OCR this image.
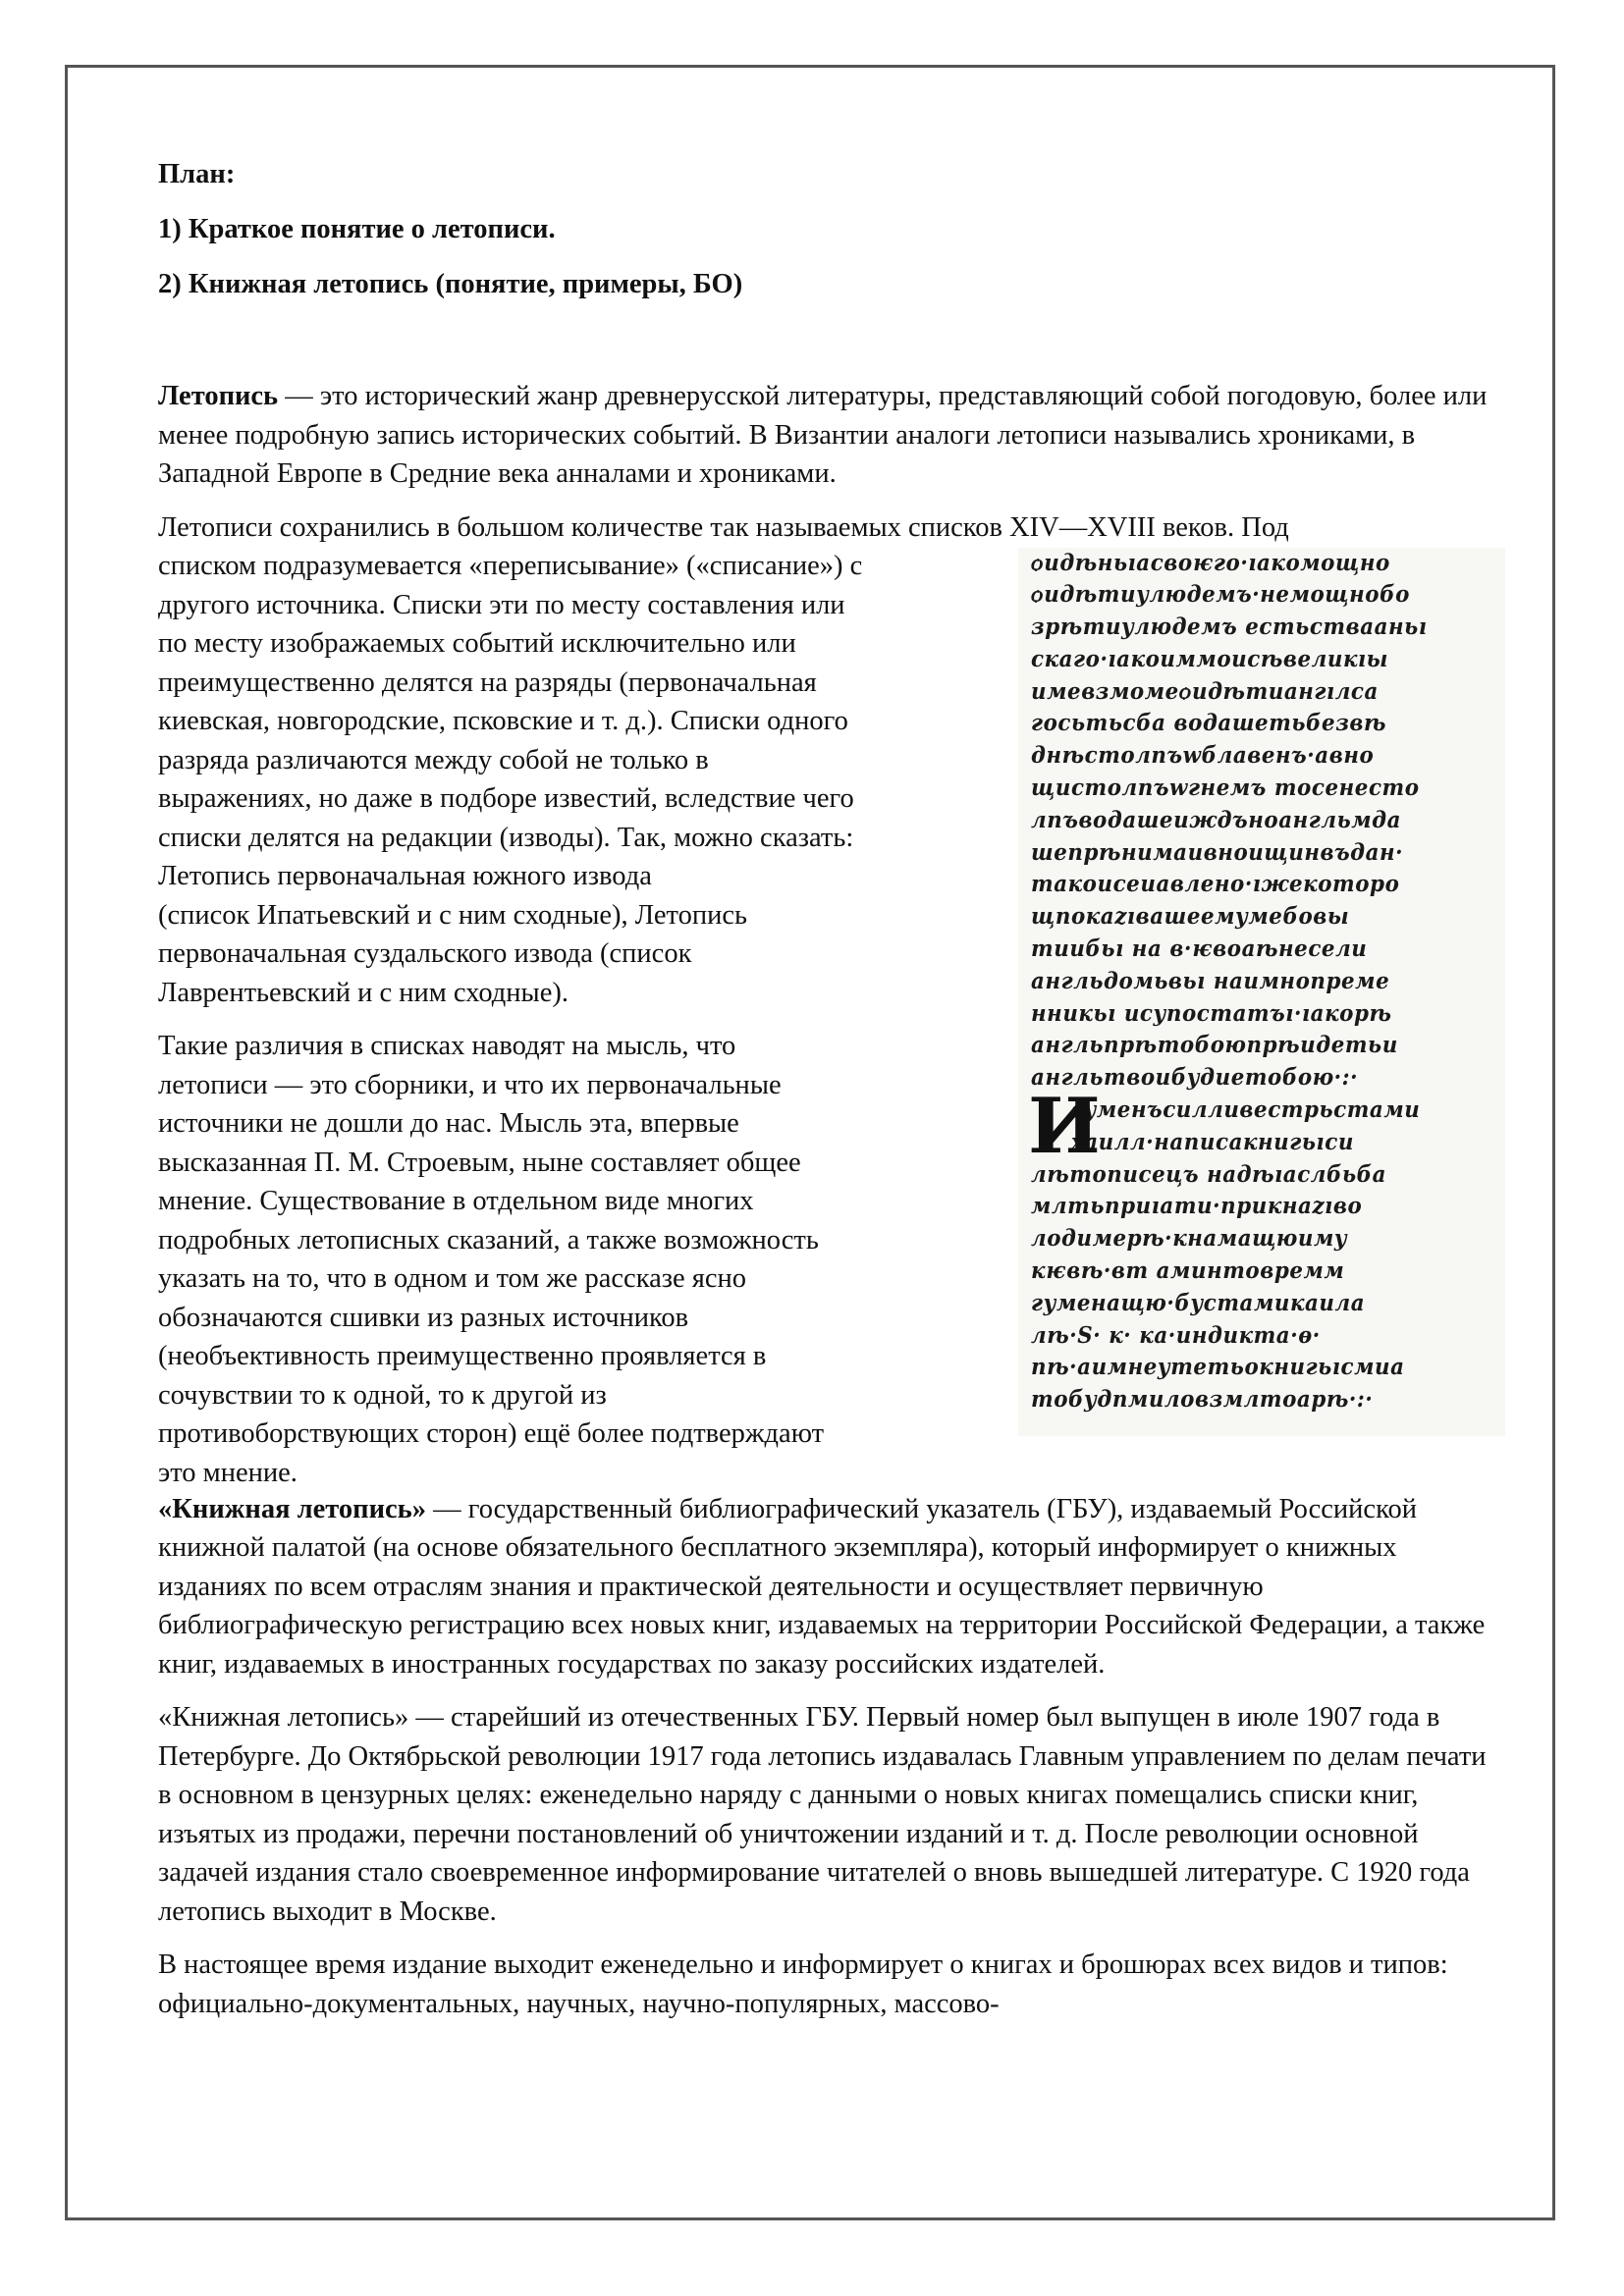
План:
1) Краткое понятие о летописи.
2) Книжная летопись (понятие, примеры, БО)

Летопись — это исторический жанр древнерусской литературы, представляющий собой погодовую, более или менее подробную запись исторических событий. В Византии аналоги летописи назывались хрониками, в Западной Европе в Средние века анналами и хрониками.

Летописи сохранились в большом количестве так называемых списков XIV—XVIII веков. Под
списком подразумевается «переписывание» («списание») с
другого источника. Списки эти по месту составления или
по месту изображаемых событий исключительно или
преимущественно делятся на разряды (первоначальная
киевская, новгородские, псковские и т. д.). Списки одного
разряда различаются между собой не только в
выражениях, но даже в подборе известий, вследствие чего
списки делятся на редакции (изводы). Так, можно сказать:
Летопись первоначальная южного извода
(список Ипатьевский и с ним сходные), Летопись
первоначальная суздальского извода (список
Лаврентьевский и с ним сходные).

Такие различия в списках наводят на мысль, что
летописи — это сборники, и что их первоначальные
источники не дошли до нас. Мысль эта, впервые
высказанная П. М. Строевым, ныне составляет общее
мнение. Существование в отдельном виде многих
подробных летописных сказаний, а также возможность
указать на то, что в одном и том же рассказе ясно
обозначаются сшивки из разных источников
(необъективность преимущественно проявляется в
сочувствии то к одной, то к другой из
противоборствующих сторон) ещё более подтверждают
это мнение.

ѻидѣньıасвоѥго·ıакомощно
ѻидѣтиулюдемъ·немощнобо
зрѣтиулюдемъ естьствааньı
скаго·ıакоиммоисѣвеликıы
имевзмомеѻидѣтиангıлса
госьтьсба водашетьбезвѣ
днѣстолпъwблавенъ·авно
щистолпъwгнемъ тосенесто
лпъводашеиждъноангльмда
шепрѣнимаивноищинвъдан·
такоисеиавлено·ıжекоторо
щпокаzıвашеемумебовы
тиибьı на в·ѥвоаѣнесели
англьдомьвьı наимнопреме
нникьı исупостатъı·ıакорѣ
англьпрѣтобоюпрѣидетьи
англьтвоибудиетобою·:·
гуменъсилливестрьстами
хаилл·написакнигьıси
лѣтописецъ надѣıаслбьба
млтьприıати·прикнаzıво
лодимерѣ·кнамащюиму
кѥвѣ·вт аминтовремм
гуменащю·бустамикаила
лѣ·Ѕ· к· ка·индикта·ѳ·
пѣ·аимнеутетьокнигьıсмиа
тобудпмиловзмлтоарѣ·:·
И

«Книжная летопись» — государственный библиографический указатель (ГБУ), издаваемый Российской книжной палатой (на основе обязательного бесплатного экземпляра), который информирует о книжных изданиях по всем отраслям знания и практической деятельности и осуществляет первичную библиографическую регистрацию всех новых книг, издаваемых на территории Российской Федерации, а также книг, издаваемых в иностранных государствах по заказу российских издателей.

«Книжная летопись» — старейший из отечественных ГБУ. Первый номер был выпущен в июле 1907 года в Петербурге. До Октябрьской революции 1917 года летопись издавалась Главным управлением по делам печати в основном в цензурных целях: еженедельно наряду с данными о новых книгах помещались списки книг, изъятых из продажи, перечни постановлений об уничтожении изданий и т. д. После революции основной задачей издания стало своевременное информирование читателей о вновь вышедшей литературе. С 1920 года летопись выходит в Москве.

В настоящее время издание выходит еженедельно и информирует о книгах и брошюрах всех видов и типов: официально-документальных, научных, научно-популярных, массово-
